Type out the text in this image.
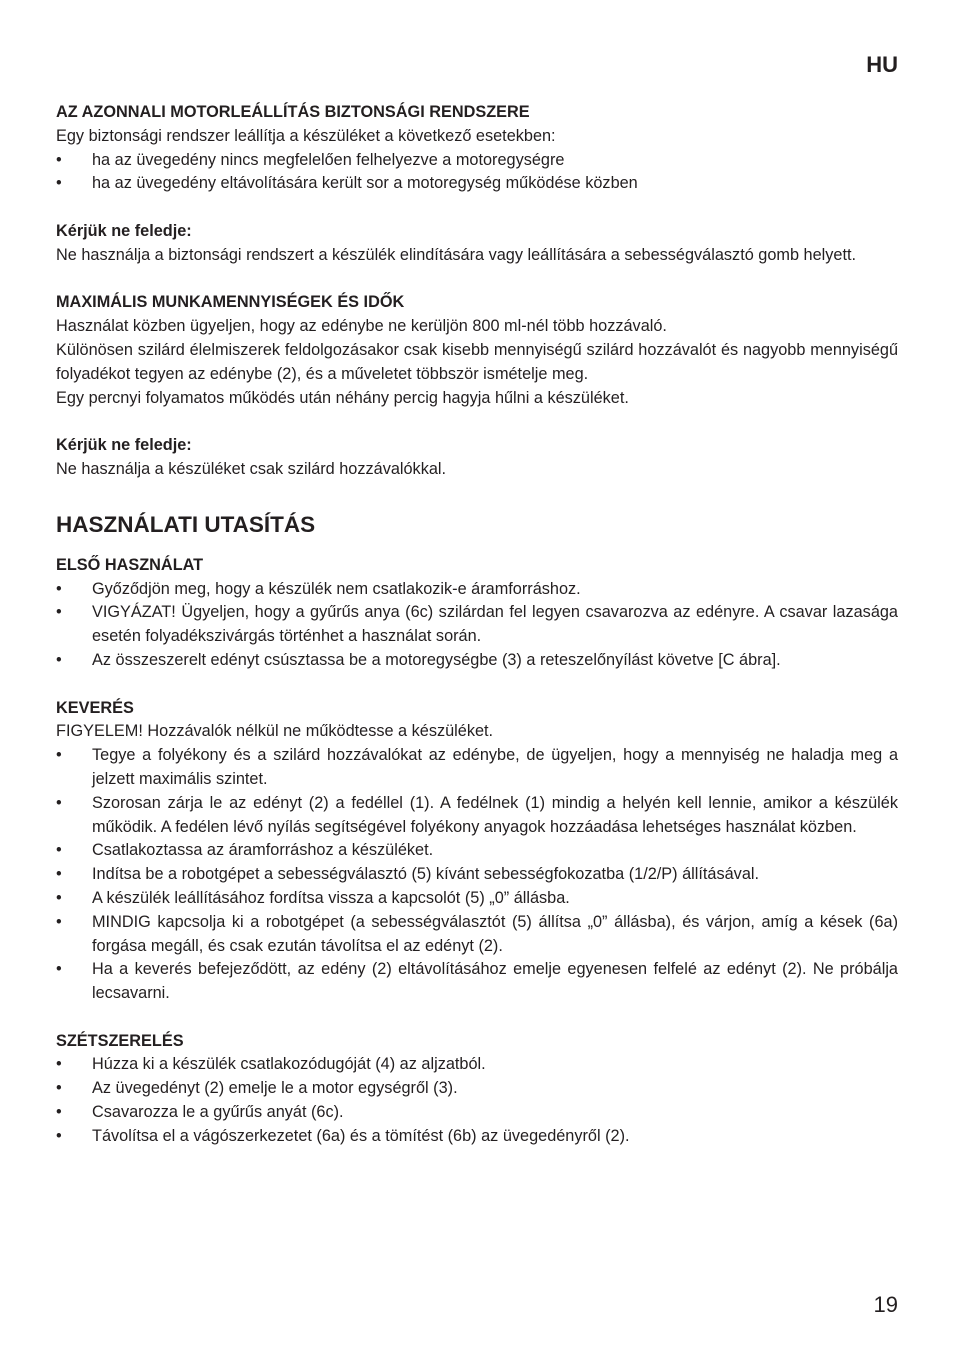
HU
AZ AZONNALI MOTORLEÁLLÍTÁS BIZTONSÁGI RENDSZERE
Egy biztonsági rendszer leállítja a készüléket a következő esetekben:
• ha az üvegedény nincs megfelelően felhelyezve a motoregységre
• ha az üvegedény eltávolítására került sor a motoregység működése közben
Kérjük ne feledje:
Ne használja a biztonsági rendszert a készülék elindítására vagy leállítására a sebességválasztó gomb helyett.
MAXIMÁLIS MUNKAMENNYISÉGEK ÉS IDŐK
Használat közben ügyeljen, hogy az edénybe ne kerüljön 800 ml-nél több hozzávaló.
Különösen szilárd élelmiszerek feldolgozásakor csak kisebb mennyiségű szilárd hozzávalót és nagyobb mennyiségű folyadékot tegyen az edénybe (2), és a műveletet többször ismételje meg.
Egy percnyi folyamatos működés után néhány percig hagyja hűlni a készüléket.
Kérjük ne feledje:
Ne használja a készüléket csak szilárd hozzávalókkal.
HASZNÁLATI UTASÍTÁS
ELSŐ HASZNÁLAT
• Győződjön meg, hogy a készülék nem csatlakozik-e áramforráshoz.
• VIGYÁZAT! Ügyeljen, hogy a gyűrűs anya (6c) szilárdan fel legyen csavarozva az edényre. A csavar lazasága esetén folyadékszivárgás történhet a használat során.
• Az összeszerelt edényt csúsztassa be a motoregységbe (3) a reteszelőnyílást követve [C ábra].
KEVERÉS
FIGYELEM! Hozzávalók nélkül ne működtesse a készüléket.
• Tegye a folyékony és a szilárd hozzávalókat az edénybe, de ügyeljen, hogy a mennyiség ne haladja meg a jelzett maximális szintet.
• Szorosan zárja le az edényt (2) a fedéllel (1). A fedélnek (1) mindig a helyén kell lennie, amikor a készülék működik. A fedélen lévő nyílás segítségével folyékony anyagok hozzáadása lehetséges használat közben.
• Csatlakoztassa az áramforráshoz a készüléket.
• Indítsa be a robotgépet a sebességválasztó (5) kívánt sebességfokozatba (1/2/P) állításával.
• A készülék leállításához fordítsa vissza a kapcsolót (5) „0” állásba.
• MINDIG kapcsolja ki a robotgépet (a sebességválasztót (5) állítsa „0” állásba), és várjon, amíg a kések (6a) forgása megáll, és csak ezután távolítsa el az edényt (2).
• Ha a keverés befejeződött, az edény (2) eltávolításához emelje egyenesen felfelé az edényt (2). Ne próbálja lecsavarni.
SZÉTSZERELÉS
• Húzza ki a készülék csatlakozódugóját (4) az aljzatból.
• Az üvegedényt (2) emelje le a motor egységről (3).
• Csavarozza le a gyűrűs anyát (6c).
• Távolítsa el a vágószerkezetet (6a) és a tömítést (6b) az üvegedényről (2).
19
